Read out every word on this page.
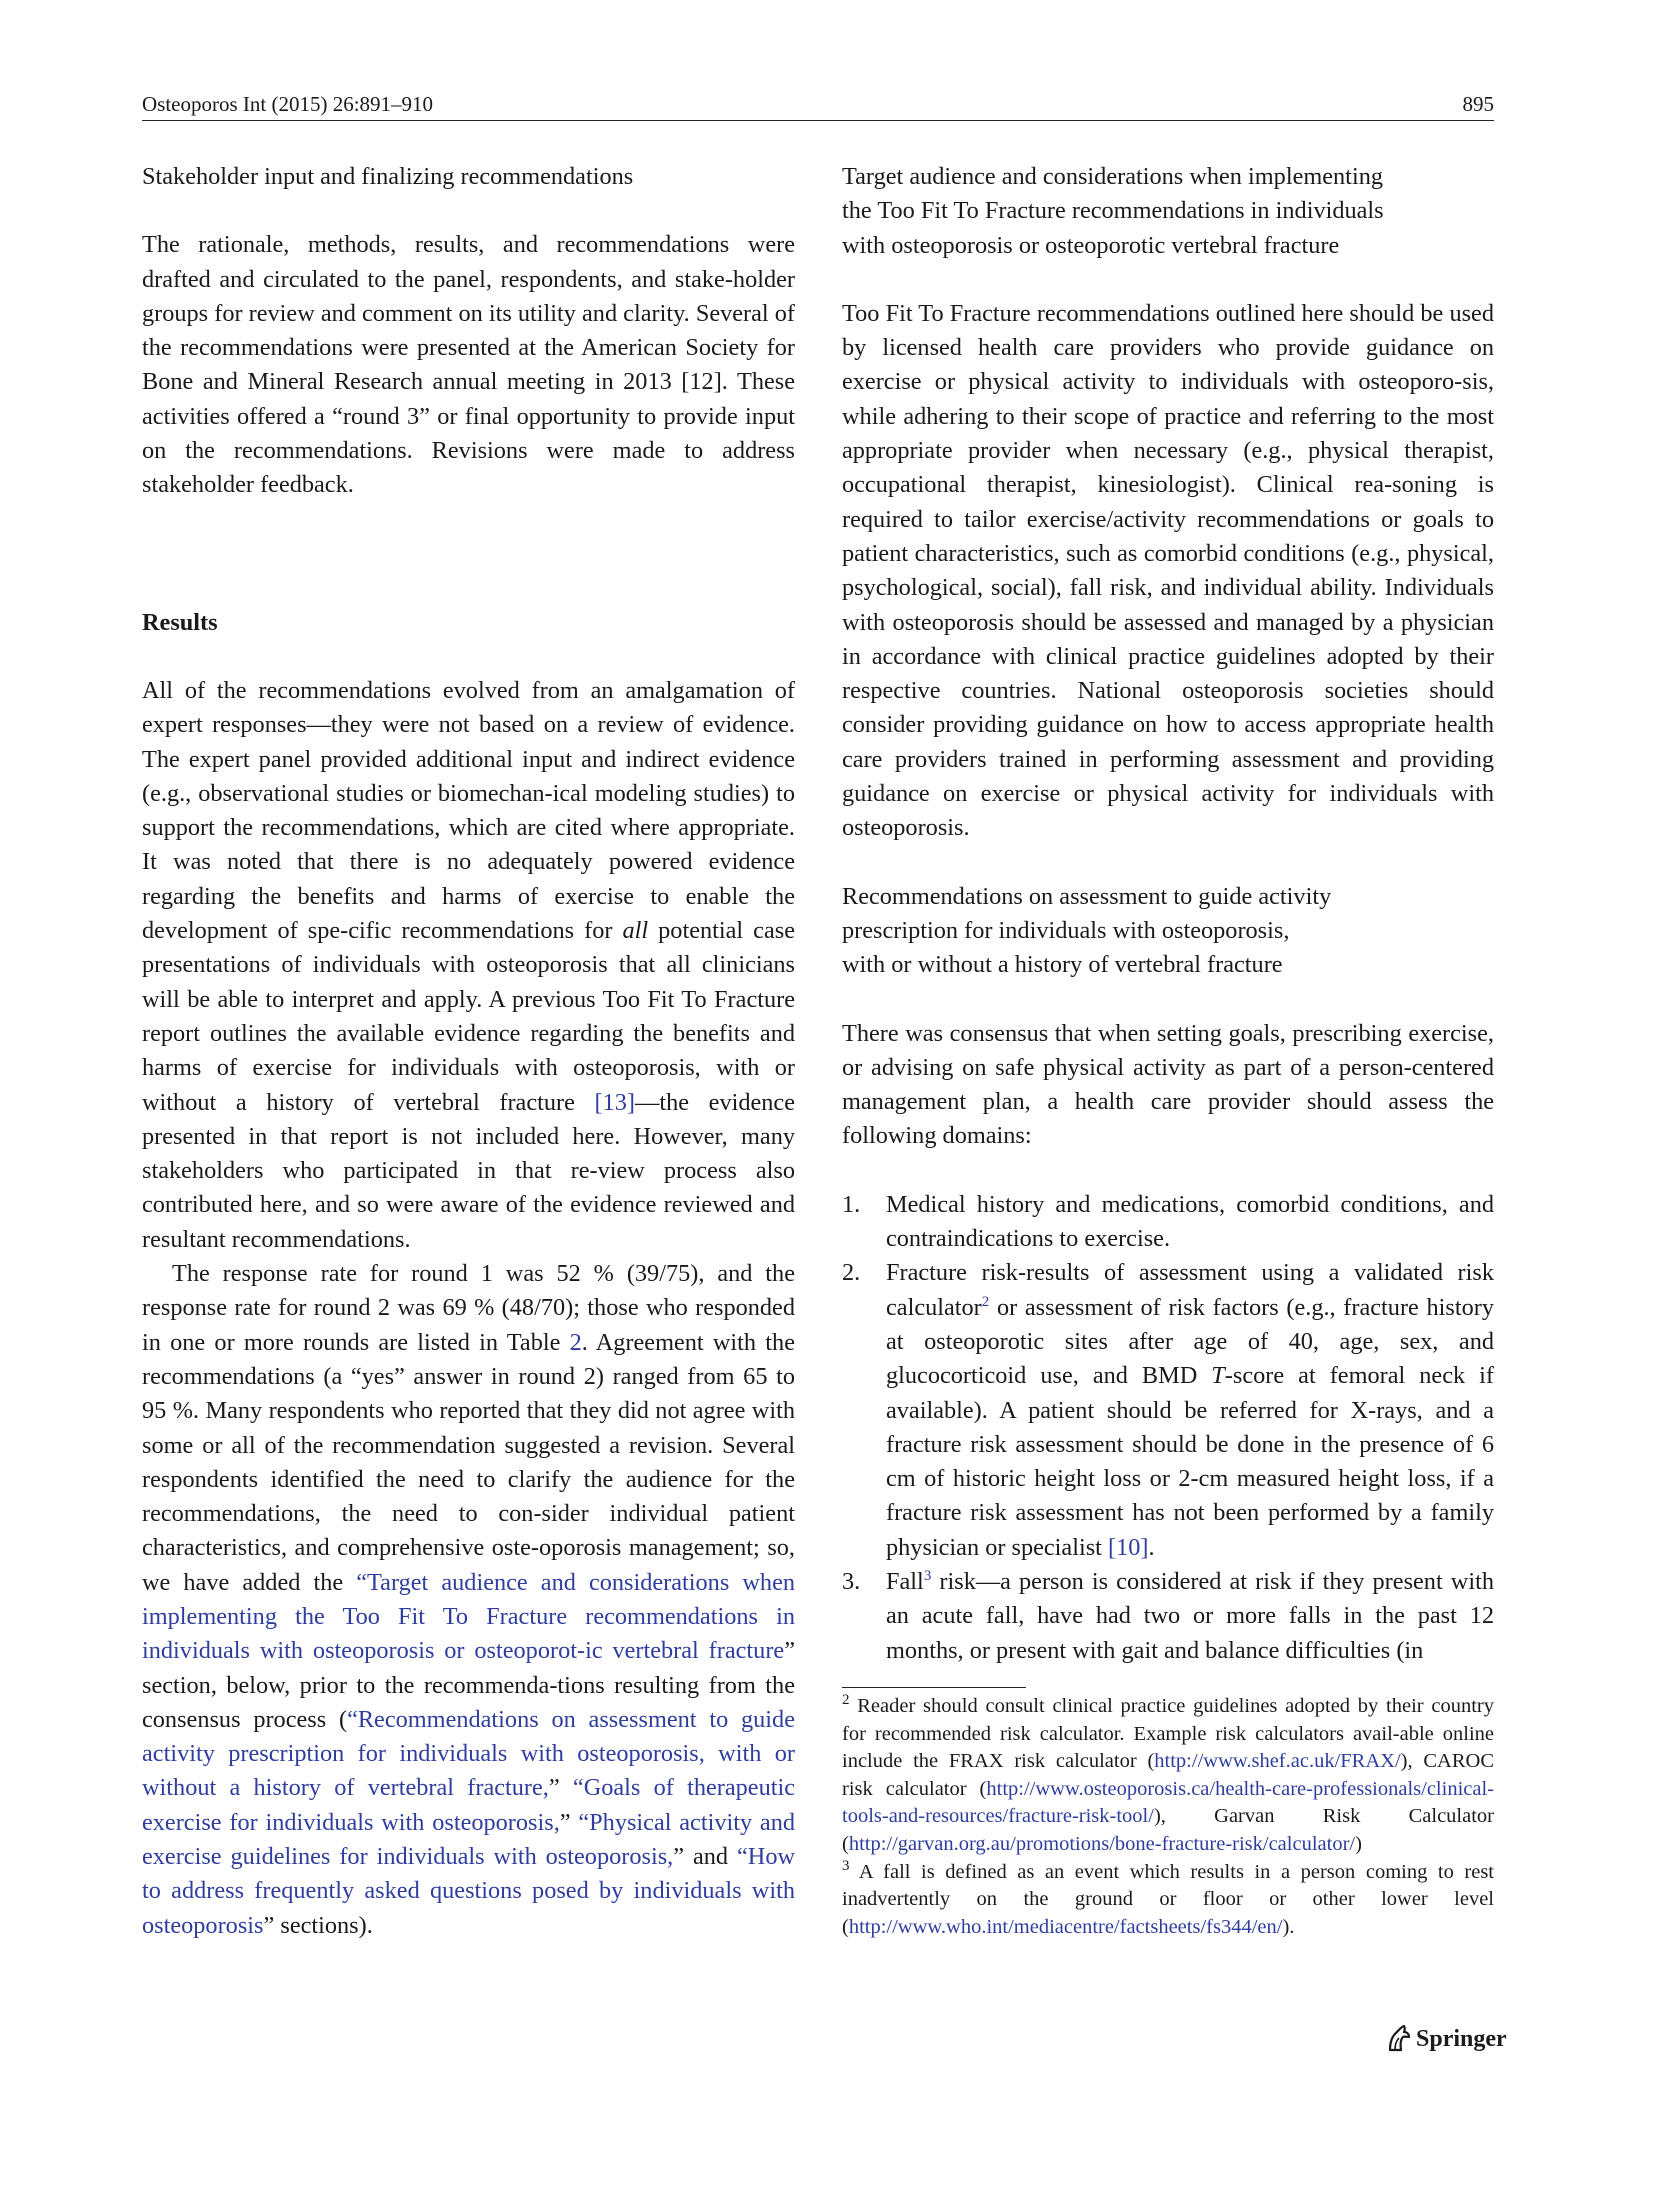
Osteoporos Int (2015) 26:891–910	895

Stakeholder input and finalizing recommendations

The rationale, methods, results, and recommendations were drafted and circulated to the panel, respondents, and stake-holder groups for review and comment on its utility and clarity. Several of the recommendations were presented at the American Society for Bone and Mineral Research annual meeting in 2013 [12]. These activities offered a “round 3” or final opportunity to provide input on the recommendations. Revisions were made to address stakeholder feedback.

Results

All of the recommendations evolved from an amalgamation of expert responses—they were not based on a review of evidence. The expert panel provided additional input and indirect evidence (e.g., observational studies or biomechan-ical modeling studies) to support the recommendations, which are cited where appropriate. It was noted that there is no adequately powered evidence regarding the benefits and harms of exercise to enable the development of spe-cific recommendations for all potential case presentations of individuals with osteoporosis that all clinicians will be able to interpret and apply. A previous Too Fit To Fracture report outlines the available evidence regarding the benefits and harms of exercise for individuals with osteoporosis, with or without a history of vertebral fracture [13]—the evidence presented in that report is not included here. However, many stakeholders who participated in that re-view process also contributed here, and so were aware of the evidence reviewed and resultant recommendations.

The response rate for round 1 was 52 % (39/75), and the response rate for round 2 was 69 % (48/70); those who responded in one or more rounds are listed in Table 2. Agreement with the recommendations (a “yes” answer in round 2) ranged from 65 to 95 %. Many respondents who reported that they did not agree with some or all of the recommendation suggested a revision. Several respondents identified the need to clarify the audience for the recommendations, the need to con-sider individual patient characteristics, and comprehensive oste-oporosis management; so, we have added the “Target audience and considerations when implementing the Too Fit To Fracture recommendations in individuals with osteoporosis or osteoporot-ic vertebral fracture” section, below, prior to the recommenda-tions resulting from the consensus process (“Recommendations on assessment to guide activity prescription for individuals with osteoporosis, with or without a history of vertebral fracture,” “Goals of therapeutic exercise for individuals with osteoporosis,” “Physical activity and exercise guidelines for individuals with osteoporosis,” and “How to address frequently asked questions posed by individuals with osteoporosis” sections).

Target audience and considerations when implementing
the Too Fit To Fracture recommendations in individuals
with osteoporosis or osteoporotic vertebral fracture

Too Fit To Fracture recommendations outlined here should be used by licensed health care providers who provide guidance on exercise or physical activity to individuals with osteoporo-sis, while adhering to their scope of practice and referring to the most appropriate provider when necessary (e.g., physical therapist, occupational therapist, kinesiologist). Clinical rea-soning is required to tailor exercise/activity recommendations or goals to patient characteristics, such as comorbid conditions (e.g., physical, psychological, social), fall risk, and individual ability. Individuals with osteoporosis should be assessed and managed by a physician in accordance with clinical practice guidelines adopted by their respective countries. National osteoporosis societies should consider providing guidance on how to access appropriate health care providers trained in performing assessment and providing guidance on exercise or physical activity for individuals with osteoporosis.

Recommendations on assessment to guide activity
prescription for individuals with osteoporosis,
with or without a history of vertebral fracture

There was consensus that when setting goals, prescribing exercise, or advising on safe physical activity as part of a person-centered management plan, a health care provider should assess the following domains:

1. Medical history and medications, comorbid conditions, and contraindications to exercise.
2. Fracture risk-results of assessment using a validated risk calculator$^2$ or assessment of risk factors (e.g., fracture history at osteoporotic sites after age of 40, age, sex, and glucocorticoid use, and BMD T-score at femoral neck if available). A patient should be referred for X-rays, and a fracture risk assessment should be done in the presence of 6 cm of historic height loss or 2-cm measured height loss, if a fracture risk assessment has not been performed by a family physician or specialist [10].
3. Fall$^3$ risk—a person is considered at risk if they present with an acute fall, have had two or more falls in the past 12 months, or present with gait and balance difficulties (in

$^2$ Reader should consult clinical practice guidelines adopted by their country for recommended risk calculator. Example risk calculators avail-able online include the FRAX risk calculator (http://www.shef.ac.uk/FRAX/), CAROC risk calculator (http://www.osteoporosis.ca/health-care-professionals/clinical-tools-and-resources/fracture-risk-tool/), Garvan Risk Calculator (http://garvan.org.au/promotions/bone-fracture-risk/calculator/)

$^3$ A fall is defined as an event which results in a person coming to rest inadvertently on the ground or floor or other lower level (http://www.who.int/mediacentre/factsheets/fs344/en/).

Springer
